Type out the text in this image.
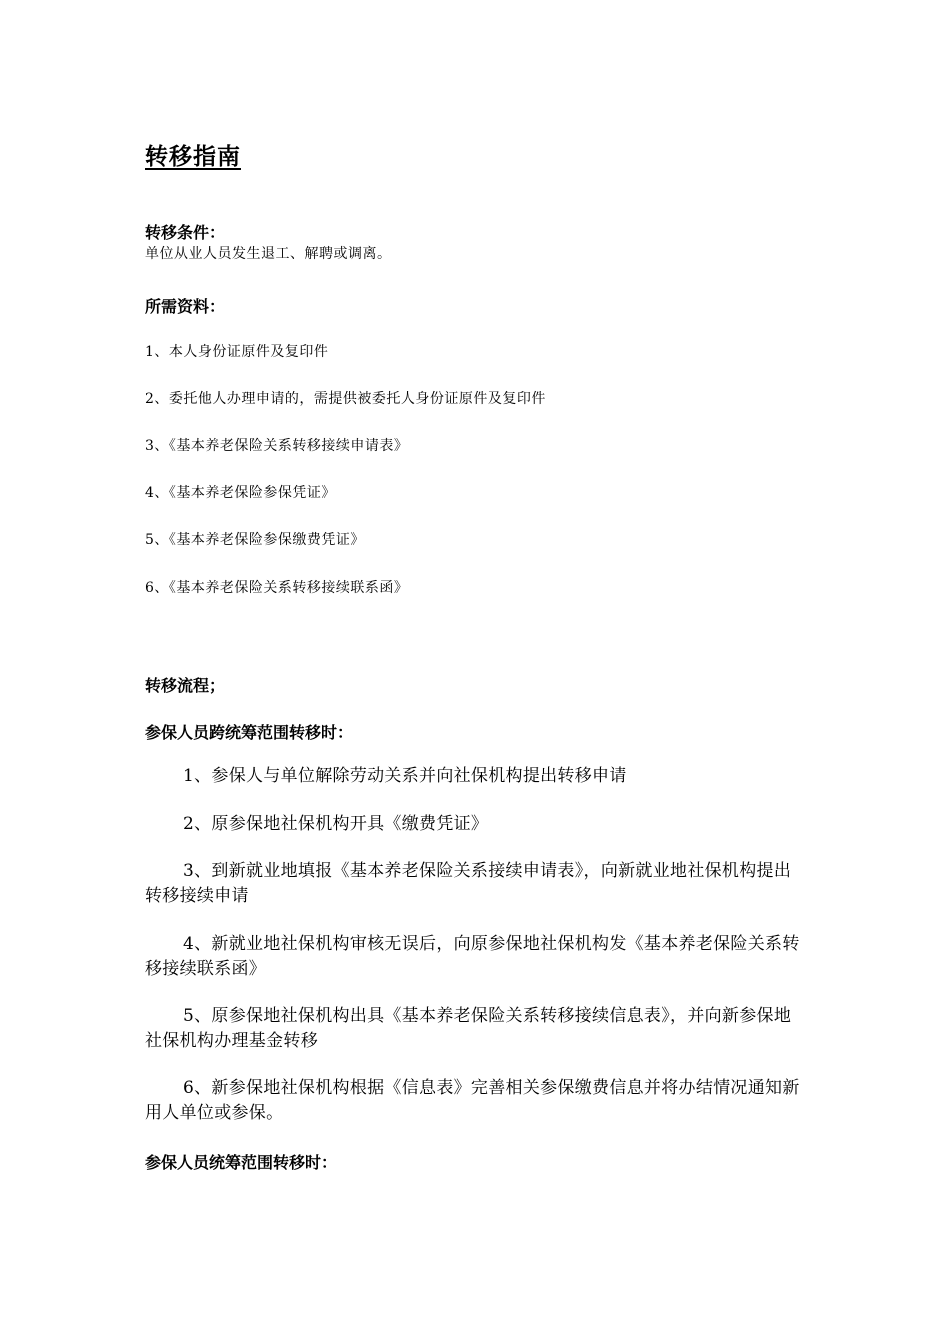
转移指南
转移条件：
单位从业人员发生退工、解聘或调离。
所需资料：
1、本人身份证原件及复印件
2、委托他人办理申请的，需提供被委托人身份证原件及复印件
3、《基本养老保险关系转移接续申请表》
4、《基本养老保险参保凭证》
5、《基本养老保险参保缴费凭证》
6、《基本养老保险关系转移接续联系函》
转移流程；
参保人员跨统筹范围转移时：
1、参保人与单位解除劳动关系并向社保机构提出转移申请
2、原参保地社保机构开具《缴费凭证》
3、到新就业地填报《基本养老保险关系接续申请表》，向新就业地社保机构提出转移接续申请
4、新就业地社保机构审核无误后，向原参保地社保机构发《基本养老保险关系转移接续联系函》
5、原参保地社保机构出具《基本养老保险关系转移接续信息表》，并向新参保地社保机构办理基金转移
6、新参保地社保机构根据《信息表》完善相关参保缴费信息并将办结情况通知新用人单位或参保。
参保人员统筹范围转移时：
